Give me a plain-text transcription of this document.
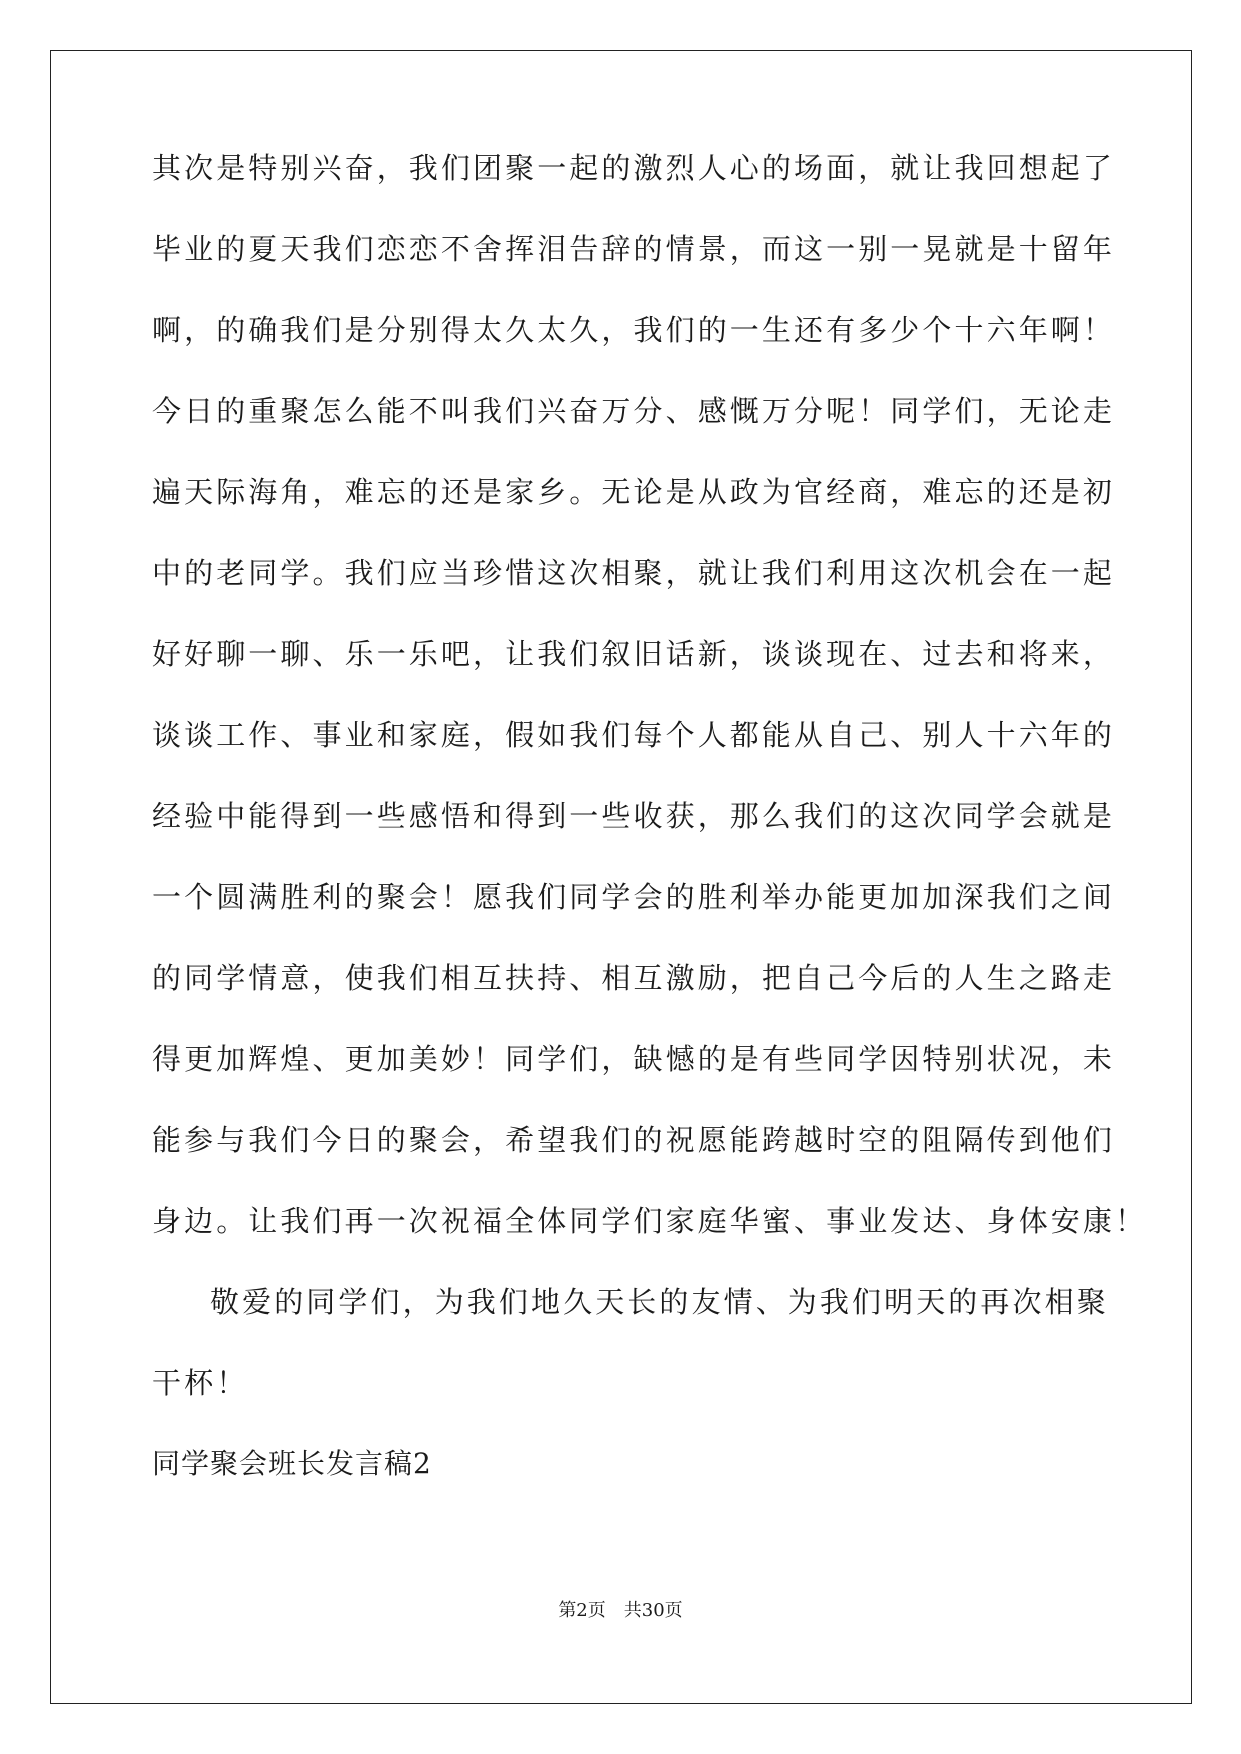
其次是特别兴奋，我们团聚一起的激烈人心的场面，就让我回想起了
毕业的夏天我们恋恋不舍挥泪告辞的情景，而这一别一晃就是十留年
啊，的确我们是分别得太久太久，我们的一生还有多少个十六年啊！
今日的重聚怎么能不叫我们兴奋万分、感慨万分呢！同学们，无论走
遍天际海角，难忘的还是家乡。无论是从政为官经商，难忘的还是初
中的老同学。我们应当珍惜这次相聚，就让我们利用这次机会在一起
好好聊一聊、乐一乐吧，让我们叙旧话新，谈谈现在、过去和将来，
谈谈工作、事业和家庭，假如我们每个人都能从自己、别人十六年的
经验中能得到一些感悟和得到一些收获，那么我们的这次同学会就是
一个圆满胜利的聚会！愿我们同学会的胜利举办能更加加深我们之间
的同学情意，使我们相互扶持、相互激励，把自己今后的人生之路走
得更加辉煌、更加美妙！同学们，缺憾的是有些同学因特别状况，未
能参与我们今日的聚会，希望我们的祝愿能跨越时空的阻隔传到他们
身边。让我们再一次祝福全体同学们家庭华蜜、事业发达、身体安康！
敬爱的同学们，为我们地久天长的友情、为我们明天的再次相聚
干杯！
同学聚会班长发言稿2
第2页　共30页
